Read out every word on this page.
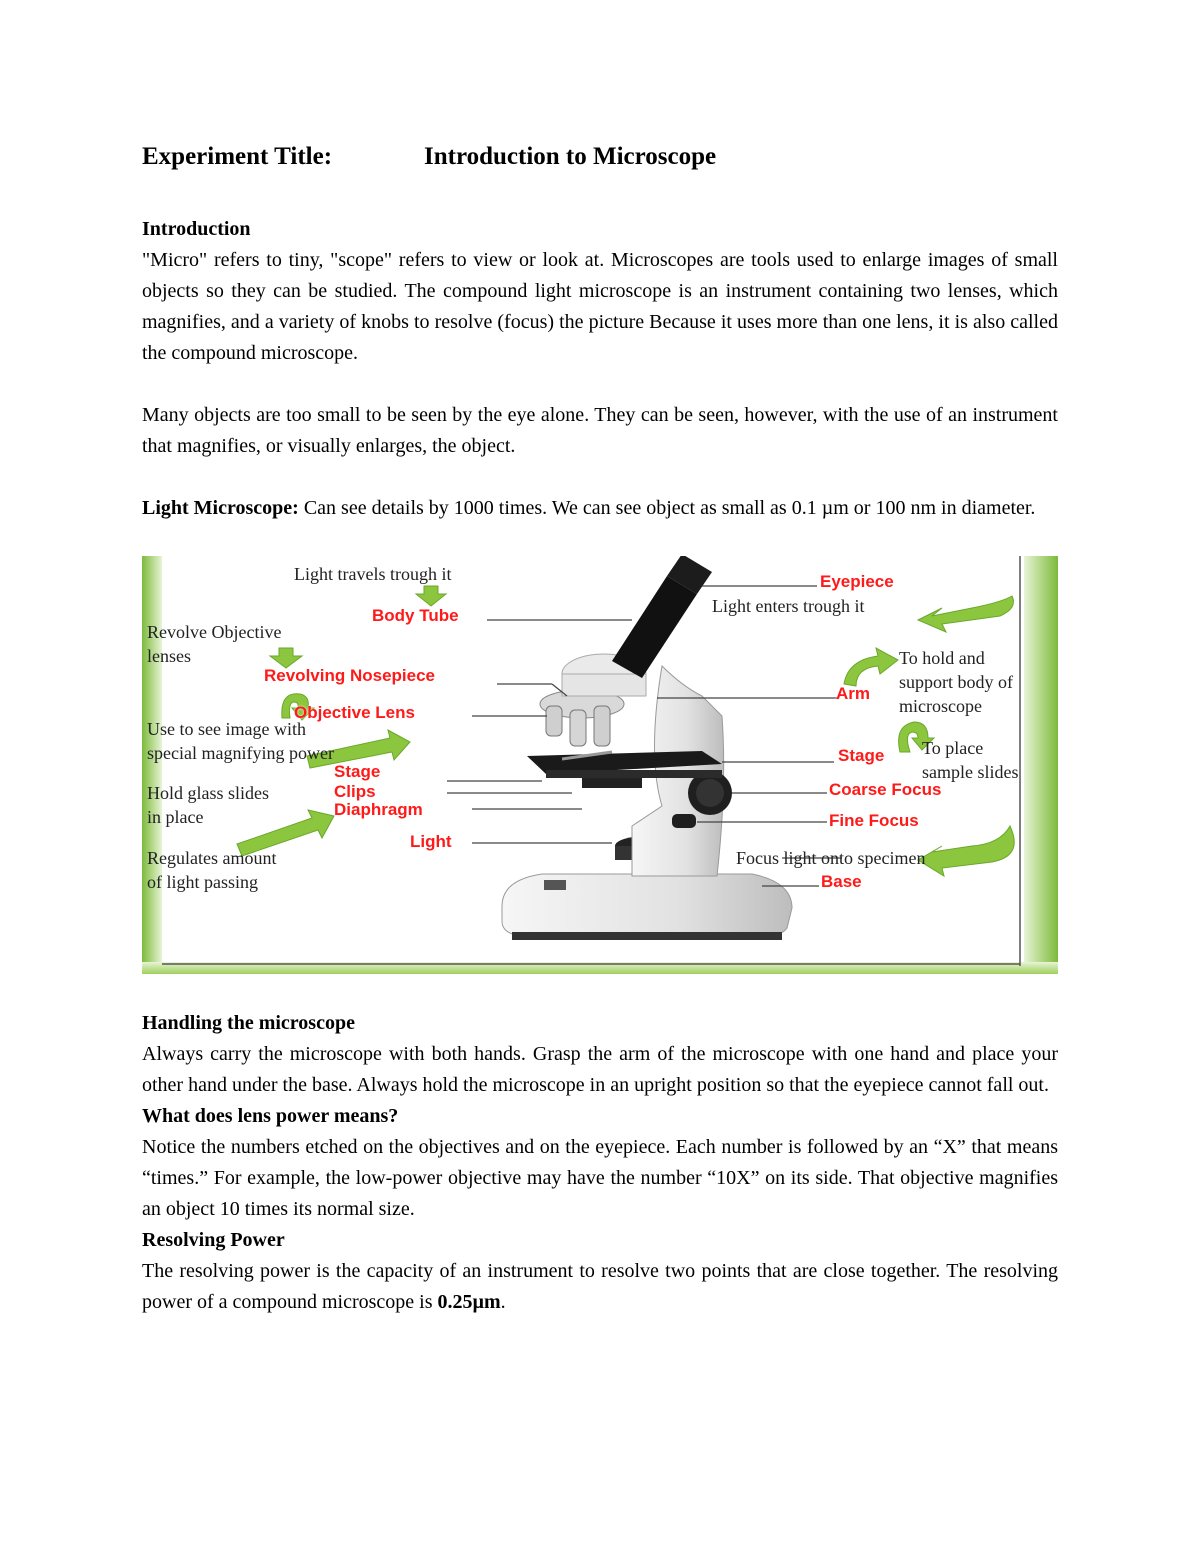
Experiment Title:	Introduction to Microscope
Introduction

"Micro" refers to tiny, "scope" refers to view or look at. Microscopes are tools used to enlarge images of small objects so they can be studied. The compound light microscope is an instrument containing two lenses, which magnifies, and a variety of knobs to resolve (focus) the picture Because it uses more than one lens, it is also called the compound microscope.

Many objects are too small to be seen by the eye alone. They can be seen, however, with the use of an instrument that magnifies, or visually enlarges, the object.

Light Microscope: Can see details by 1000 times. We can see object as small as 0.1 µm or 100 nm in diameter.

Handling the microscope

Always carry the microscope with both hands. Grasp the arm of the microscope with one hand and place your other hand under the base. Always hold the microscope in an upright position so that the eyepiece cannot fall out.

What does lens power means?

Notice the numbers etched on the objectives and on the eyepiece. Each number is followed by an “X” that means “times.” For example, the low-power objective may have the number “10X” on its side. That objective magnifies an object 10 times its normal size.

Resolving Power

The resolving power is the capacity of an instrument to resolve two points that are close together. The resolving power of a compound microscope is 0.25µm.

Eyepiece
Body Tube
Revolving Nosepiece
Objective Lens
Arm
Stage
Clips
Diaphragm
Light
Stage
Coarse Focus
Fine Focus
Base
Light travels trough it
Light enters trough it
Revolve Objective
lenses
Use to see image with
special magnifying power
Hold glass slides
in place
Regulates amount
of light passing
To hold and
support body of
microscope
To place
sample slides
Focus light onto specimen
